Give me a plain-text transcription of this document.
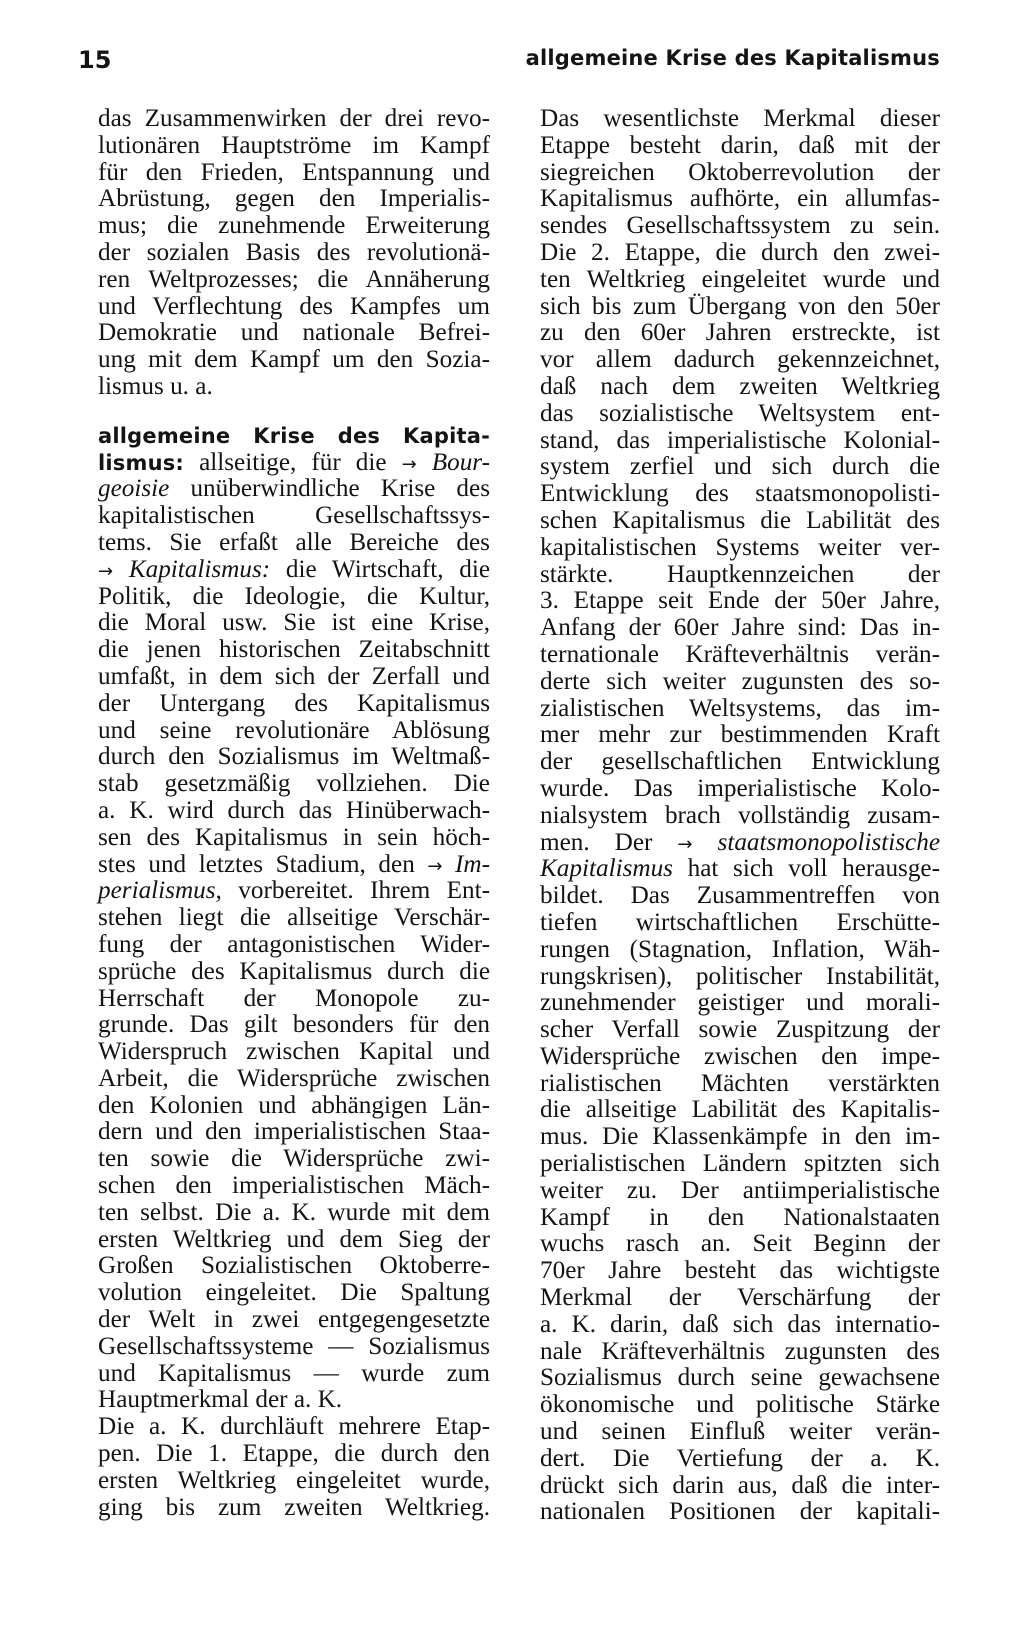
15	allgemeine Krise des Kapitalismus
das Zusammenwirken der drei revo-
lutionären Hauptströme im Kampf
für den Frieden, Entspannung und
Abrüstung, gegen den Imperialis-
mus; die zunehmende Erweiterung
der sozialen Basis des revolutionä-
ren Weltprozesses; die Annäherung
und Verflechtung des Kampfes um
Demokratie und nationale Befrei-
ung mit dem Kampf um den Sozia-
lismus u. a.
allgemeine Krise des Kapita-
lismus: allseitige, für die → Bour-
geoisie unüberwindliche Krise des
kapitalistischen Gesellschaftssys-
tems. Sie erfaßt alle Bereiche des
→ Kapitalismus: die Wirtschaft, die
Politik, die Ideologie, die Kultur,
die Moral usw. Sie ist eine Krise,
die jenen historischen Zeitabschnitt
umfaßt, in dem sich der Zerfall und
der Untergang des Kapitalismus
und seine revolutionäre Ablösung
durch den Sozialismus im Weltmaß-
stab gesetzmäßig vollziehen. Die
a. K. wird durch das Hinüberwach-
sen des Kapitalismus in sein höch-
stes und letztes Stadium, den → Im-
perialismus, vorbereitet. Ihrem Ent-
stehen liegt die allseitige Verschär-
fung der antagonistischen Wider-
sprüche des Kapitalismus durch die
Herrschaft der Monopole zu-
grunde. Das gilt besonders für den
Widerspruch zwischen Kapital und
Arbeit, die Widersprüche zwischen
den Kolonien und abhängigen Län-
dern und den imperialistischen Staa-
ten sowie die Widersprüche zwi-
schen den imperialistischen Mäch-
ten selbst. Die a. K. wurde mit dem
ersten Weltkrieg und dem Sieg der
Großen Sozialistischen Oktoberre-
volution eingeleitet. Die Spaltung
der Welt in zwei entgegengesetzte
Gesellschaftssysteme — Sozialismus
und Kapitalismus — wurde zum
Hauptmerkmal der a. K.
Die a. K. durchläuft mehrere Etap-
pen. Die 1. Etappe, die durch den
ersten Weltkrieg eingeleitet wurde,
ging bis zum zweiten Weltkrieg.
Das wesentlichste Merkmal dieser
Etappe besteht darin, daß mit der
siegreichen Oktoberrevolution der
Kapitalismus aufhörte, ein allumfas-
sendes Gesellschaftssystem zu sein.
Die 2. Etappe, die durch den zwei-
ten Weltkrieg eingeleitet wurde und
sich bis zum Übergang von den 50er
zu den 60er Jahren erstreckte, ist
vor allem dadurch gekennzeichnet,
daß nach dem zweiten Weltkrieg
das sozialistische Weltsystem ent-
stand, das imperialistische Kolonial-
system zerfiel und sich durch die
Entwicklung des staatsmonopolisti-
schen Kapitalismus die Labilität des
kapitalistischen Systems weiter ver-
stärkte. Hauptkennzeichen der
3. Etappe seit Ende der 50er Jahre,
Anfang der 60er Jahre sind: Das in-
ternationale Kräfteverhältnis verän-
derte sich weiter zugunsten des so-
zialistischen Weltsystems, das im-
mer mehr zur bestimmenden Kraft
der gesellschaftlichen Entwicklung
wurde. Das imperialistische Kolo-
nialsystem brach vollständig zusam-
men. Der → staatsmonopolistische
Kapitalismus hat sich voll herausge-
bildet. Das Zusammentreffen von
tiefen wirtschaftlichen Erschütte-
rungen (Stagnation, Inflation, Wäh-
rungskrisen), politischer Instabilität,
zunehmender geistiger und morali-
scher Verfall sowie Zuspitzung der
Widersprüche zwischen den impe-
rialistischen Mächten verstärkten
die allseitige Labilität des Kapitalis-
mus. Die Klassenkämpfe in den im-
perialistischen Ländern spitzten sich
weiter zu. Der antiimperialistische
Kampf in den Nationalstaaten
wuchs rasch an. Seit Beginn der
70er Jahre besteht das wichtigste
Merkmal der Verschärfung der
a. K. darin, daß sich das internatio-
nale Kräfteverhältnis zugunsten des
Sozialismus durch seine gewachsene
ökonomische und politische Stärke
und seinen Einfluß weiter verän-
dert. Die Vertiefung der a. K.
drückt sich darin aus, daß die inter-
nationalen Positionen der kapitali-
